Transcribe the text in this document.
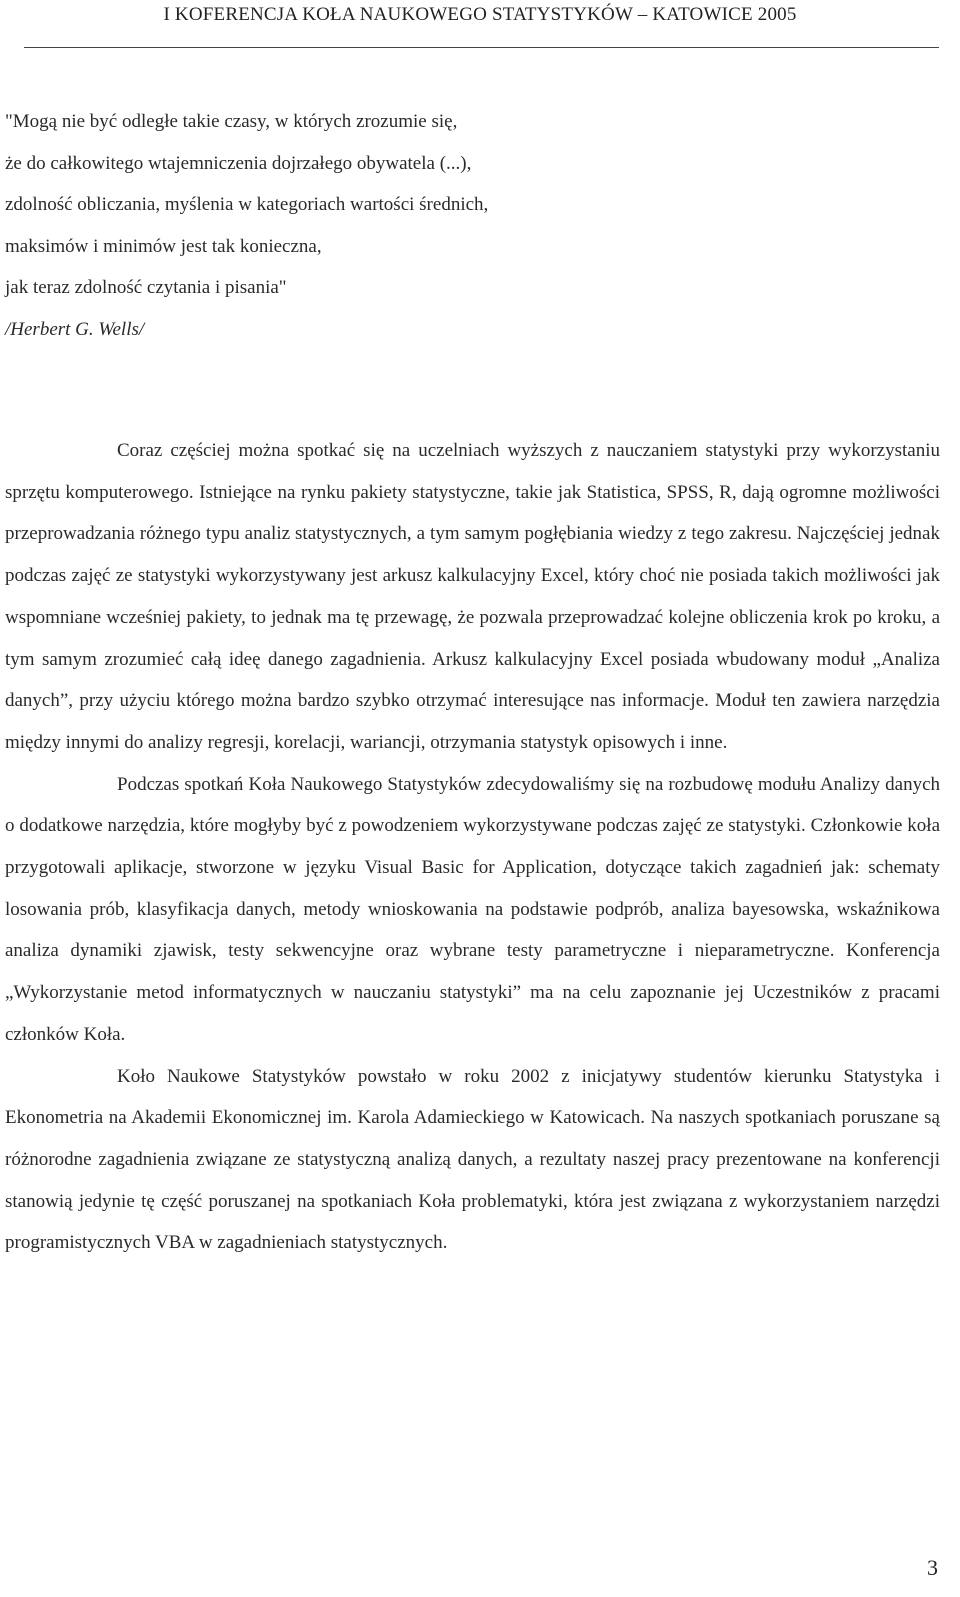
I KOFERENCJA KOŁA NAUKOWEGO STATYSTYKÓW – KATOWICE 2005
"Mogą nie być odległe takie czasy, w których zrozumie się,
że do całkowitego wtajemniczenia dojrzałego obywatela (...),
zdolność obliczania, myślenia w kategoriach wartości średnich,
maksimów i minimów jest tak konieczna,
jak teraz zdolność czytania i pisania"
/Herbert G. Wells/

Coraz częściej można spotkać się na uczelniach wyższych z nauczaniem statystyki przy wykorzystaniu sprzętu komputerowego. Istniejące na rynku pakiety statystyczne, takie jak Statistica, SPSS, R, dają ogromne możliwości przeprowadzania różnego typu analiz statystycznych, a tym samym pogłębiania wiedzy z tego zakresu. Najczęściej jednak podczas zajęć ze statystyki wykorzystywany jest arkusz kalkulacyjny Excel, który choć nie posiada takich możliwości jak wspomniane wcześniej pakiety, to jednak ma tę przewagę, że pozwala przeprowadzać kolejne obliczenia krok po kroku, a tym samym zrozumieć całą ideę danego zagadnienia. Arkusz kalkulacyjny Excel posiada wbudowany moduł „Analiza danych”, przy użyciu którego można bardzo szybko otrzymać interesujące nas informacje. Moduł ten zawiera narzędzia między innymi do analizy regresji, korelacji, wariancji, otrzymania statystyk opisowych i inne.

Podczas spotkań Koła Naukowego Statystyków zdecydowaliśmy się na rozbudowę modułu Analizy danych o dodatkowe narzędzia, które mogłyby być z powodzeniem wykorzystywane podczas zajęć ze statystyki. Członkowie koła przygotowali aplikacje, stworzone w języku Visual Basic for Application, dotyczące takich zagadnień jak: schematy losowania prób, klasyfikacja danych, metody wnioskowania na podstawie podprób, analiza bayesowska, wskaźnikowa analiza dynamiki zjawisk, testy sekwencyjne oraz wybrane testy parametryczne i nieparametryczne. Konferencja „Wykorzystanie metod informatycznych w nauczaniu statystyki” ma na celu zapoznanie jej Uczestników z pracami członków Koła.

Koło Naukowe Statystyków powstało w roku 2002 z inicjatywy studentów kierunku Statystyka i Ekonometria na Akademii Ekonomicznej im. Karola Adamieckiego w Katowicach. Na naszych spotkaniach poruszane są różnorodne zagadnienia związane ze statystyczną analizą danych, a rezultaty naszej pracy prezentowane na konferencji stanowią jedynie tę część poruszanej na spotkaniach Koła problematyki, która jest związana z wykorzystaniem narzędzi programistycznych VBA w zagadnieniach statystycznych.

3
